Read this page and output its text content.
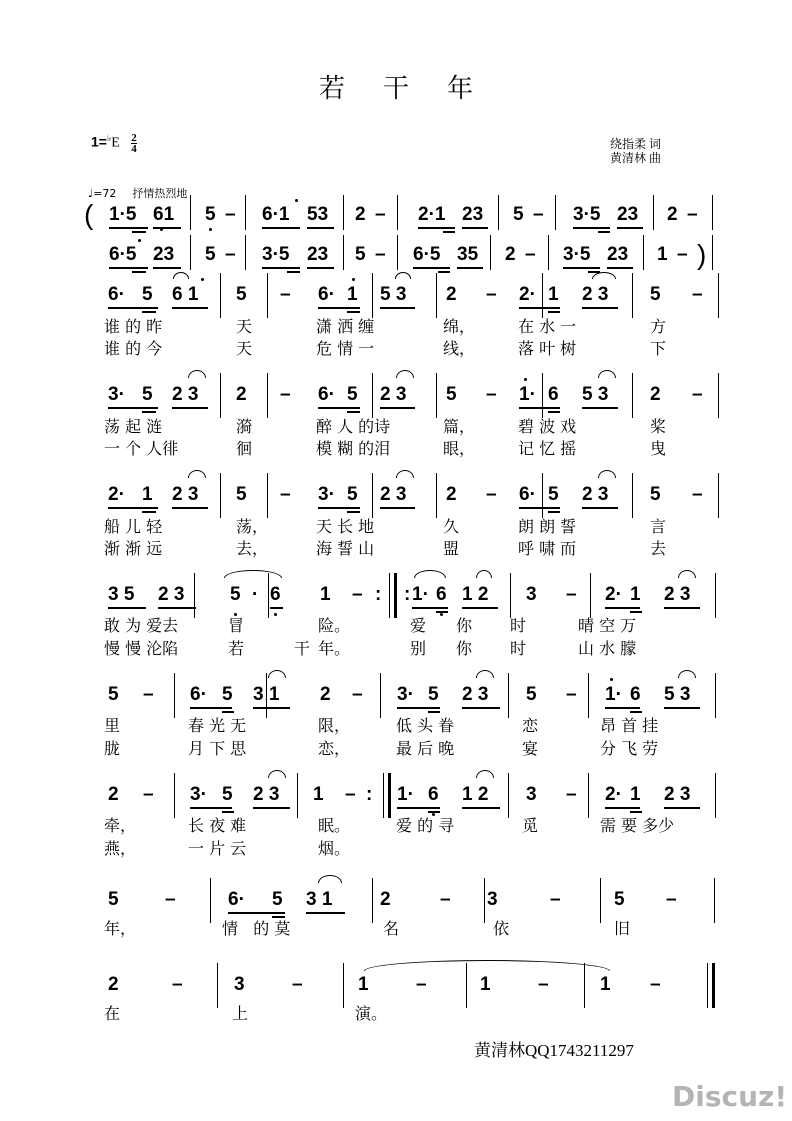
若干年
$1=^♭E \frac{2}{4}$	绕指柔 词
黄清林 曲
♩=72 抒情热烈地
( 1·5 61 5 – 6·1 53 2 – 2·1 23 5 – 3·5 23 2 –
6·5 23 5 – 3·5 23 5 – 6·5 35 2 – 3·5 23 1 – )
6· 5 6 1 5 – 6· 1 5 3 2 – 2· 1 2 3 5 –
3· 5 2 3 2 – 6· 5 2 3 5 – 1· 6 5 3 2 –
2· 1 2 3 5 – 3· 5 2 3 2 – 6· 5 2 3 5 –
3 5 2 3 5 · 6 1 – : : 1· 6 1 2 3 – 2· 1 2 3
5 – 6· 5 3 1 2 – 3· 5 2 3 5 – 1· 6 5 3
2 – 3· 5 2 3 1 – : 1· 6 1 2 3 – 2· 1 2 3
5 –	6· 5 3 1	2	– 3	–	5 –
2	–	3 –	1 –	1 –	1 –
谁 的 昨	天	潇 洒 缠	绵，	在 水 一	方
谁 的 今	天	危 情 一	线，	落 叶 树	下
荡 起 涟	漪	醉 人 的诗	篇，	碧 波 戏	桨
一 个 人徘	徊	模 糊 的泪	眼，	记 忆 摇	曳
船 儿 轻	荡，	天 长 地	久	朗 朗 誓	言
渐 渐 远	去，	海 誓 山	盟	呼 啸 而	去
敢 为 爱去	冒	险。	爱 你 时	晴 空 万
慢 慢 沦陷	若	干 年。	别 你 时	山 水 朦
里	春 光 无	限，	低 头 眷	恋	昂 首 挂
胧	月 下 思	恋，	最 后 晚	宴	分 飞 劳
牵，	长 夜 难	眠。	爱 的 寻	觅	需 要 多少
燕，	一 片 云	烟。
年，	情   的 莫	名	依	旧
在	上	演。
黄清林QQ1743211297
Discuz!
